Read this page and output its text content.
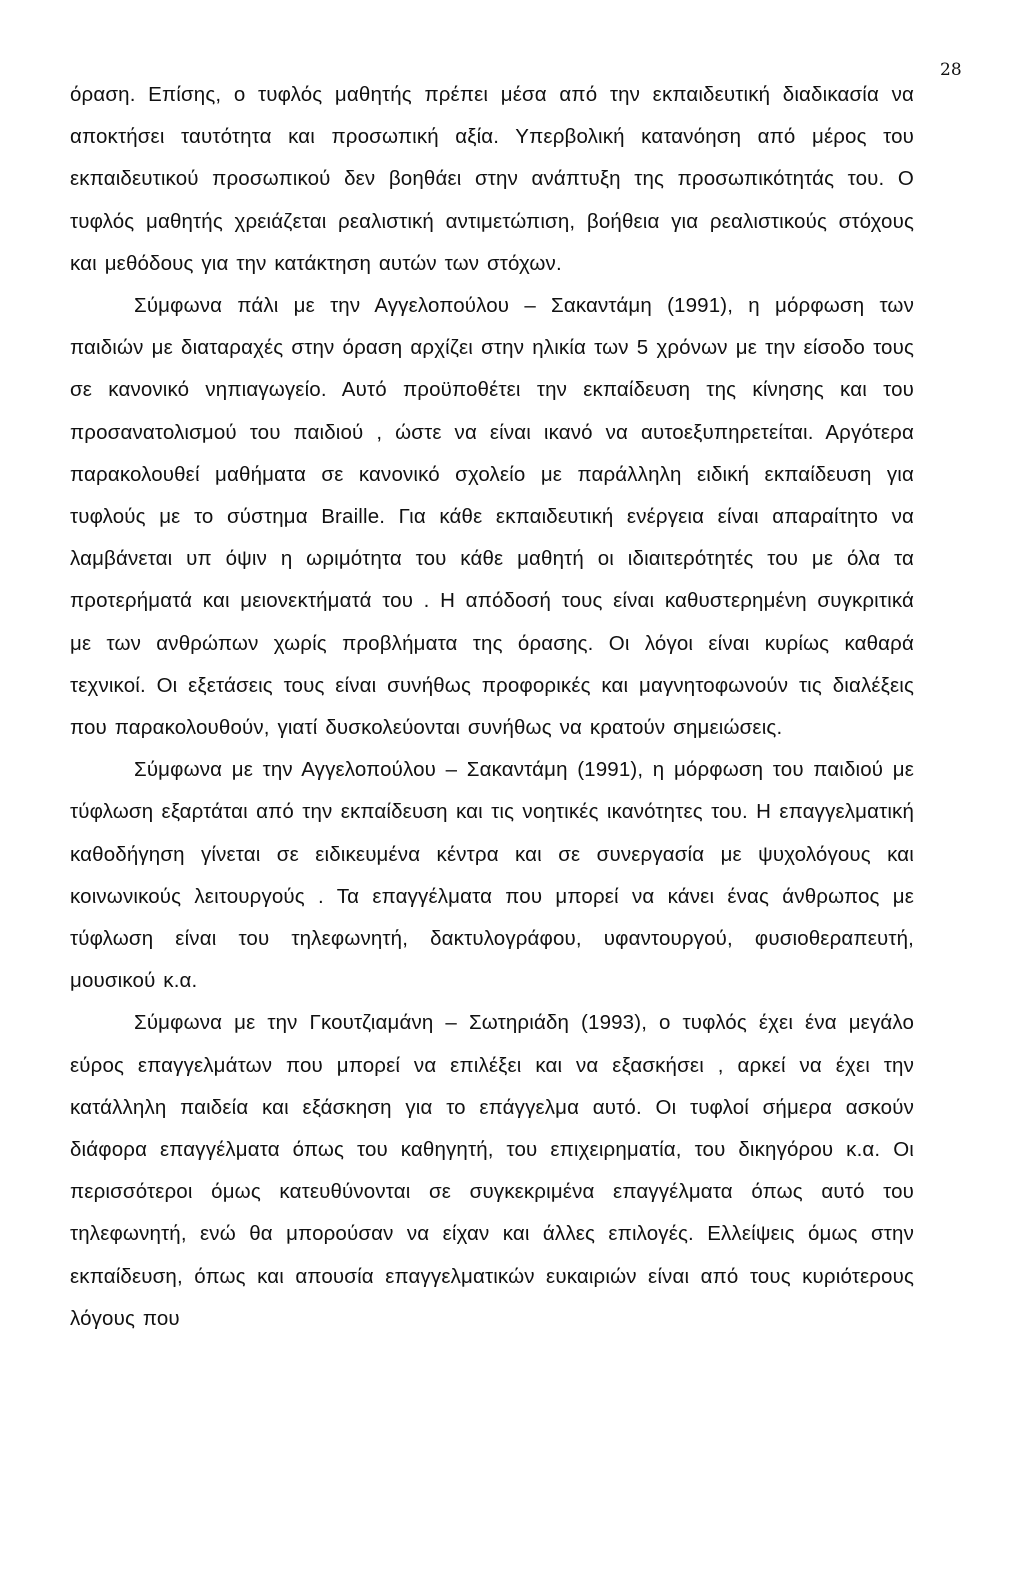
28

όραση. Επίσης, ο τυφλός μαθητής πρέπει μέσα από την εκπαιδευτική διαδικασία να αποκτήσει ταυτότητα και προσωπική αξία. Υπερβολική κατανόηση από μέρος του εκπαιδευτικού προσωπικού δεν βοηθάει στην ανάπτυξη της προσωπικότητάς του. Ο τυφλός μαθητής χρειάζεται ρεαλιστική αντιμετώπιση, βοήθεια για ρεαλιστικούς στόχους και μεθόδους για την κατάκτηση αυτών των στόχων.

Σύμφωνα πάλι με την Αγγελοπούλου – Σακαντάμη (1991), η μόρφωση των παιδιών με διαταραχές στην όραση αρχίζει στην ηλικία των 5 χρόνων με την είσοδο τους σε κανονικό νηπιαγωγείο. Αυτό προϋποθέτει την εκπαίδευση της κίνησης και του προσανατολισμού του παιδιού , ώστε να είναι ικανό να αυτοεξυπηρετείται. Αργότερα παρακολουθεί μαθήματα σε κανονικό σχολείο με παράλληλη ειδική εκπαίδευση για τυφλούς με το σύστημα Braille. Για κάθε εκπαιδευτική ενέργεια είναι απαραίτητο να λαμβάνεται υπ όψιν η ωριμότητα του κάθε μαθητή οι ιδιαιτερότητές του με όλα τα προτερήματά και μειονεκτήματά του . Η απόδοσή τους είναι καθυστερημένη συγκριτικά με των ανθρώπων χωρίς προβλήματα της όρασης. Οι λόγοι είναι κυρίως καθαρά τεχνικοί. Οι εξετάσεις τους είναι συνήθως προφορικές και μαγνητοφωνούν τις διαλέξεις που παρακολουθούν, γιατί δυσκολεύονται συνήθως να κρατούν σημειώσεις.

Σύμφωνα με την Αγγελοπούλου – Σακαντάμη (1991), η μόρφωση του παιδιού με τύφλωση εξαρτάται από την εκπαίδευση και τις νοητικές ικανότητες του. Η επαγγελματική καθοδήγηση γίνεται σε ειδικευμένα κέντρα και σε συνεργασία με ψυχολόγους και κοινωνικούς λειτουργούς . Τα επαγγέλματα που μπορεί να κάνει ένας άνθρωπος με τύφλωση είναι του τηλεφωνητή, δακτυλογράφου, υφαντουργού, φυσιοθεραπευτή, μουσικού κ.α.

Σύμφωνα με την Γκουτζιαμάνη – Σωτηριάδη (1993), ο τυφλός έχει ένα μεγάλο εύρος επαγγελμάτων που μπορεί να επιλέξει και να εξασκήσει , αρκεί να έχει την κατάλληλη παιδεία και εξάσκηση για το επάγγελμα αυτό. Οι τυφλοί σήμερα ασκούν διάφορα επαγγέλματα όπως του καθηγητή, του επιχειρηματία, του δικηγόρου κ.α. Οι περισσότεροι όμως κατευθύνονται σε συγκεκριμένα επαγγέλματα όπως αυτό του τηλεφωνητή, ενώ θα μπορούσαν να είχαν και άλλες επιλογές. Ελλείψεις όμως στην εκπαίδευση, όπως και απουσία επαγγελματικών ευκαιριών είναι από τους κυριότερους λόγους που
